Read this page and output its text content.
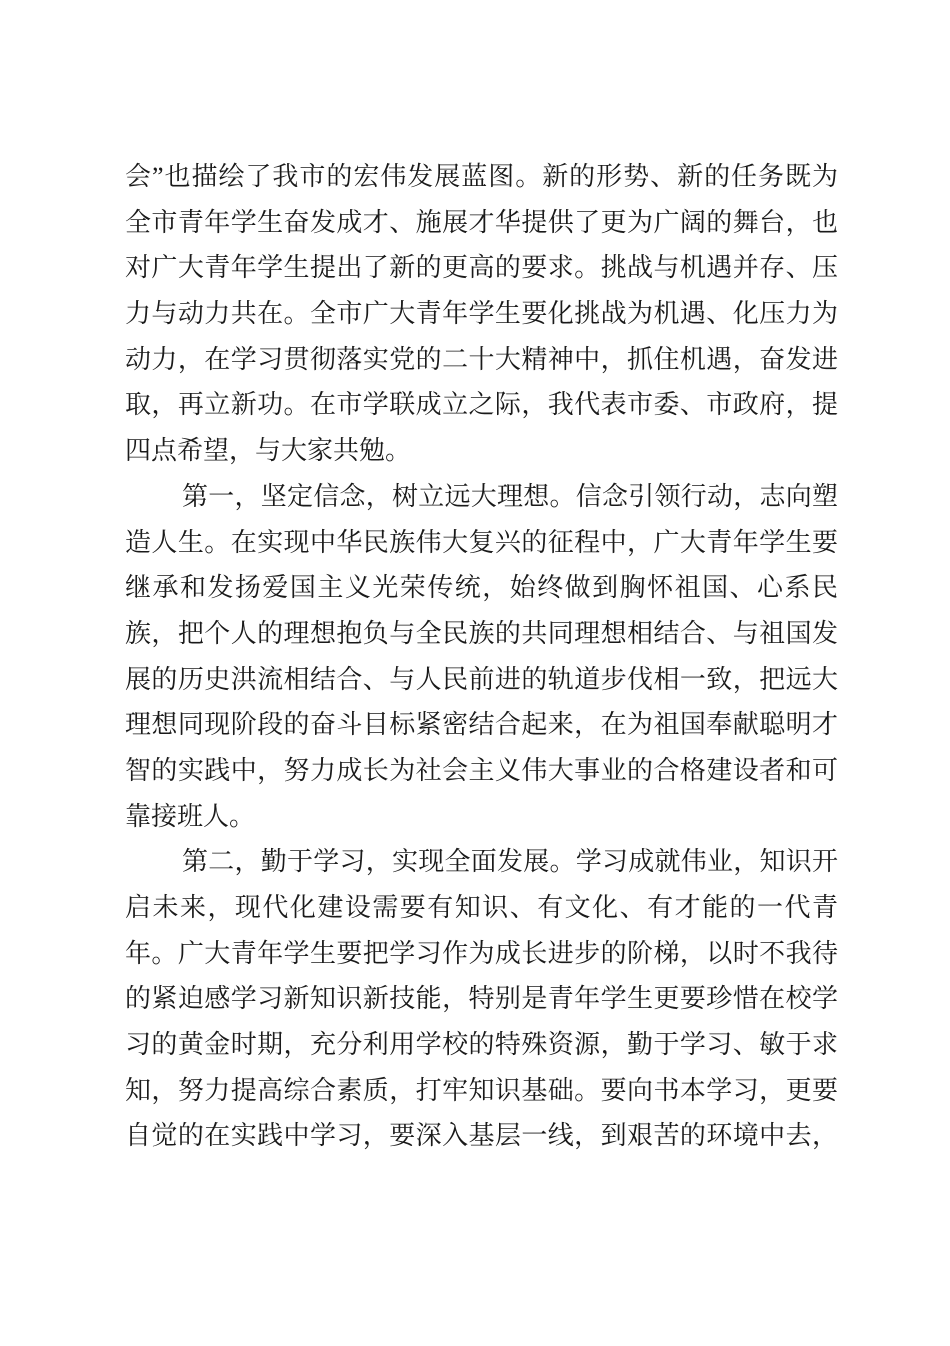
会”也描绘了我市的宏伟发展蓝图。新的形势、新的任务既为
全市青年学生奋发成才、施展才华提供了更为广阔的舞台，也
对广大青年学生提出了新的更高的要求。挑战与机遇并存、压
力与动力共在。全市广大青年学生要化挑战为机遇、化压力为
动力，在学习贯彻落实党的二十大精神中，抓住机遇，奋发进
取，再立新功。在市学联成立之际，我代表市委、市政府，提
四点希望，与大家共勉。
第一，坚定信念，树立远大理想。信念引领行动，志向塑
造人生。在实现中华民族伟大复兴的征程中，广大青年学生要
继承和发扬爱国主义光荣传统，始终做到胸怀祖国、心系民
族，把个人的理想抱负与全民族的共同理想相结合、与祖国发
展的历史洪流相结合、与人民前进的轨道步伐相一致，把远大
理想同现阶段的奋斗目标紧密结合起来，在为祖国奉献聪明才
智的实践中，努力成长为社会主义伟大事业的合格建设者和可
靠接班人。
第二，勤于学习，实现全面发展。学习成就伟业，知识开
启未来，现代化建设需要有知识、有文化、有才能的一代青
年。广大青年学生要把学习作为成长进步的阶梯，以时不我待
的紧迫感学习新知识新技能，特别是青年学生更要珍惜在校学
习的黄金时期，充分利用学校的特殊资源，勤于学习、敏于求
知，努力提高综合素质，打牢知识基础。要向书本学习，更要
自觉的在实践中学习，要深入基层一线，到艰苦的环境中去，
